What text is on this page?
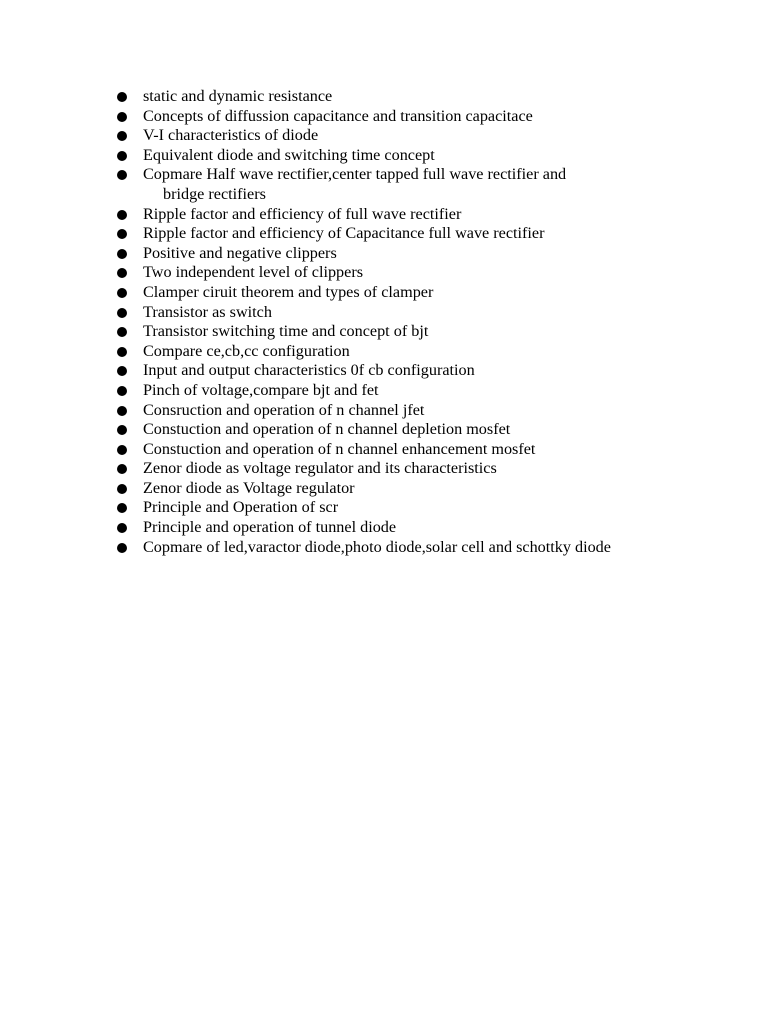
static and dynamic resistance
Concepts of diffussion capacitance and transition capacitace
V-I characteristics of diode
Equivalent diode and switching time concept
Copmare Half wave rectifier,center tapped full wave rectifier and
bridge rectifiers
Ripple factor and efficiency of full wave rectifier
Ripple factor and efficiency of Capacitance full wave rectifier
Positive and negative clippers
Two independent level of clippers
Clamper ciruit theorem and types of clamper
Transistor as switch
Transistor switching time and concept of bjt
Compare ce,cb,cc configuration
Input and output characteristics 0f cb configuration
Pinch of voltage,compare bjt and fet
Consruction and operation of n channel jfet
Constuction and operation of n channel depletion mosfet
Constuction and operation of n channel enhancement mosfet
Zenor diode as voltage regulator and its characteristics
Zenor diode as Voltage regulator
Principle and Operation of scr
Principle and operation of tunnel diode
Copmare of led,varactor diode,photo diode,solar cell and schottky diode
